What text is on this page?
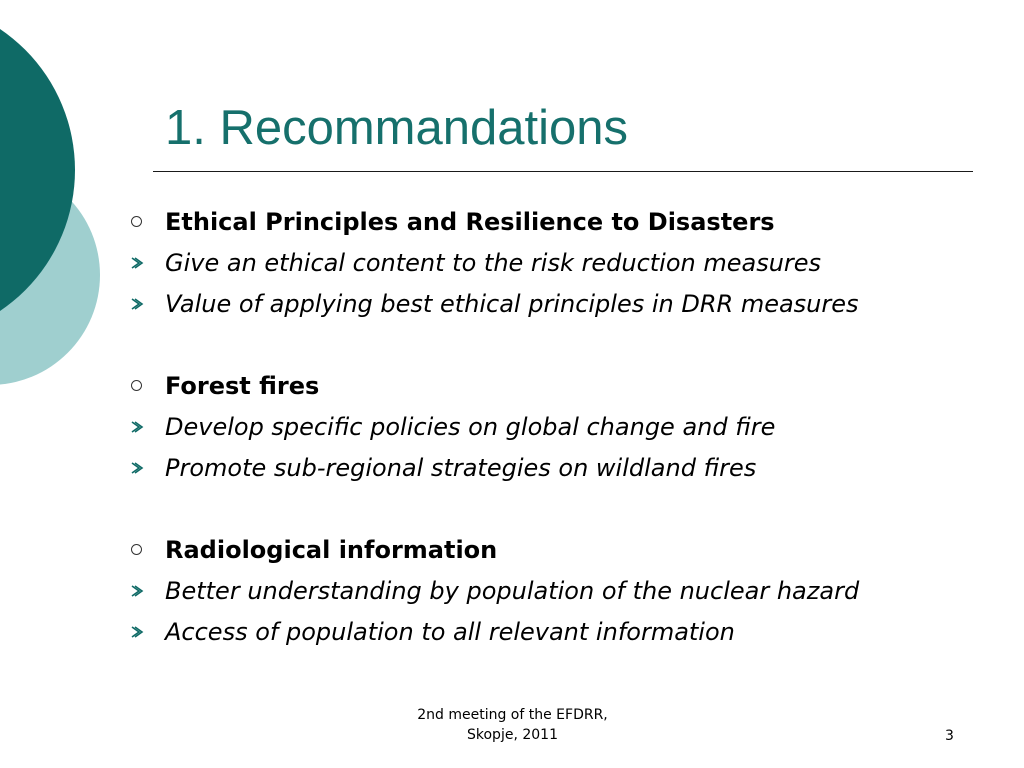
1. Recommandations
Ethical Principles and Resilience to Disasters
Give an ethical content to the risk reduction measures
Value of applying best ethical principles in DRR measures
Forest fires
Develop specific policies on global change and fire
Promote sub-regional strategies on wildland fires
Radiological information
Better understanding by population of the nuclear hazard
Access of population to all relevant information
2nd meeting of the EFDRR,
Skopje, 2011	3
